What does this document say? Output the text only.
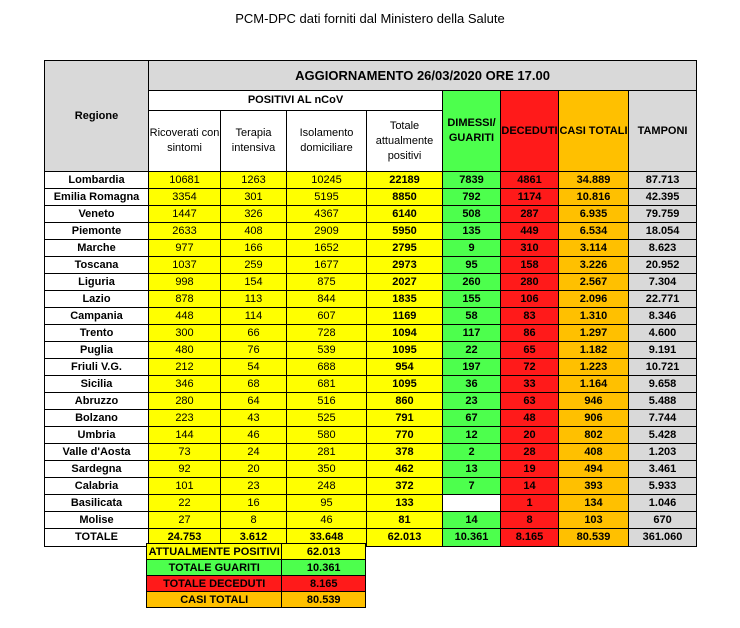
PCM-DPC dati forniti dal Ministero della Salute
Regione	AGGIORNAMENTO 26/03/2020 ORE 17.00							
	POSITIVI AL nCoV				DIMESSI/ GUARITI	DECEDUTI	CASI TOTALI	TAMPONI
	Ricoverati con sintomi	Terapia intensiva	Isolamento domiciliare	Totale attualmente positivi				
Lombardia	10681	1263	10245	22189	7839	4861	34.889	87.713
Emilia Romagna	3354	301	5195	8850	792	1174	10.816	42.395
Veneto	1447	326	4367	6140	508	287	6.935	79.759
Piemonte	2633	408	2909	5950	135	449	6.534	18.054
Marche	977	166	1652	2795	9	310	3.114	8.623
Toscana	1037	259	1677	2973	95	158	3.226	20.952
Liguria	998	154	875	2027	260	280	2.567	7.304
Lazio	878	113	844	1835	155	106	2.096	22.771
Campania	448	114	607	1169	58	83	1.310	8.346
Trento	300	66	728	1094	117	86	1.297	4.600
Puglia	480	76	539	1095	22	65	1.182	9.191
Friuli V.G.	212	54	688	954	197	72	1.223	10.721
Sicilia	346	68	681	1095	36	33	1.164	9.658
Abruzzo	280	64	516	860	23	63	946	5.488
Bolzano	223	43	525	791	67	48	906	7.744
Umbria	144	46	580	770	12	20	802	5.428
Valle d'Aosta	73	24	281	378	2	28	408	1.203
Sardegna	92	20	350	462	13	19	494	3.461
Calabria	101	23	248	372	7	14	393	5.933
Basilicata	22	16	95	133		1	134	1.046
Molise	27	8	46	81	14	8	103	670
TOTALE	24.753	3.612	33.648	62.013	10.361	8.165	80.539	361.060
ATTUALMENTE POSITIVI	62.013
TOTALE GUARITI	10.361
TOTALE DECEDUTI	8.165
CASI TOTALI	80.539
